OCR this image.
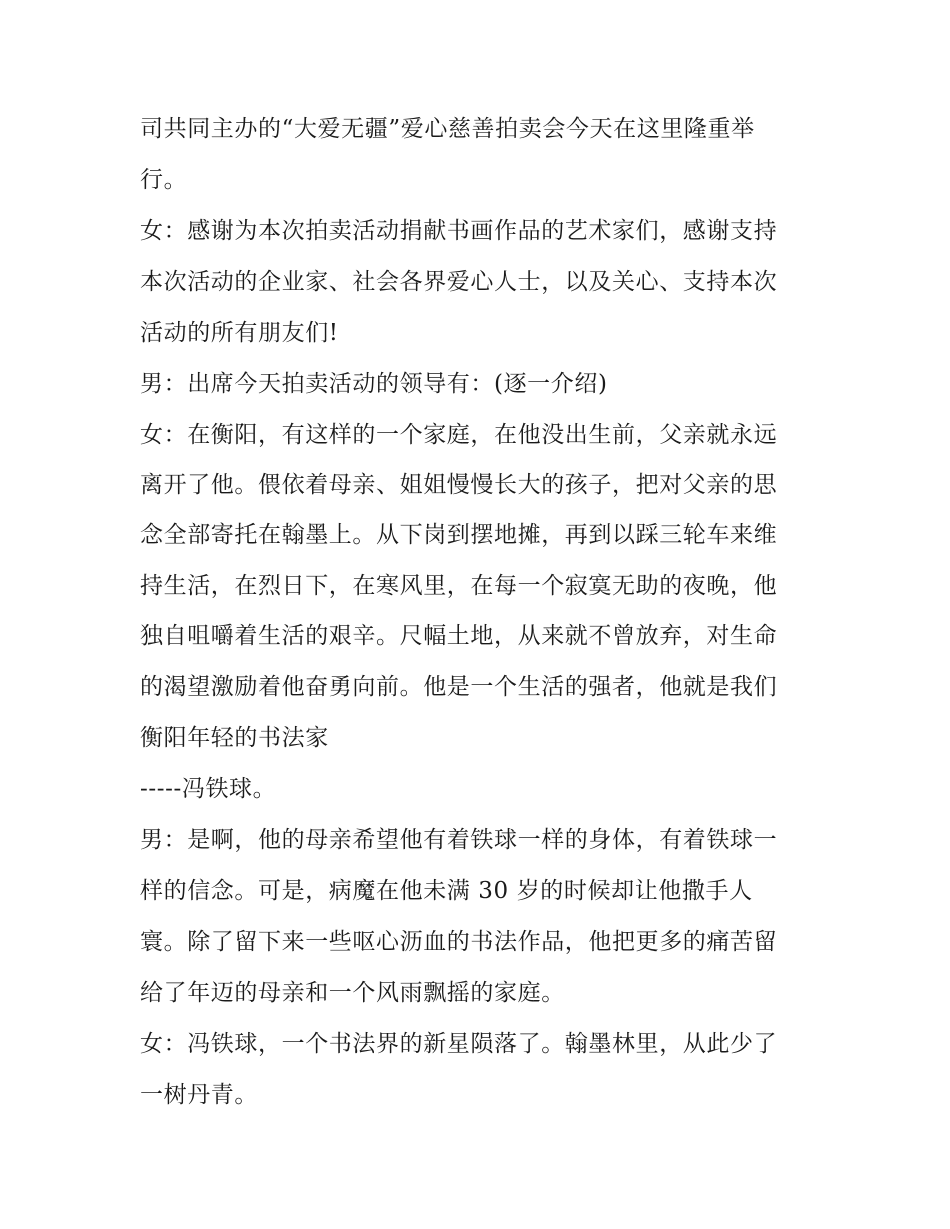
司共同主办的“大爱无疆”爱心慈善拍卖会今天在这里隆重举
行。
女：感谢为本次拍卖活动捐献书画作品的艺术家们，感谢支持
本次活动的企业家、社会各界爱心人士，以及关心、支持本次
活动的所有朋友们!
男：出席今天拍卖活动的领导有：(逐一介绍)
女：在衡阳，有这样的一个家庭，在他没出生前，父亲就永远
离开了他。偎依着母亲、姐姐慢慢长大的孩子，把对父亲的思
念全部寄托在翰墨上。从下岗到摆地摊，再到以踩三轮车来维
持生活，在烈日下，在寒风里，在每一个寂寞无助的夜晚，他
独自咀嚼着生活的艰辛。尺幅土地，从来就不曾放弃，对生命
的渴望激励着他奋勇向前。他是一个生活的强者，他就是我们
衡阳年轻的书法家
-----冯铁球。
男：是啊，他的母亲希望他有着铁球一样的身体，有着铁球一
样的信念。可是，病魔在他未满 30 岁的时候却让他撒手人
寰。除了留下来一些呕心沥血的书法作品，他把更多的痛苦留
给了年迈的母亲和一个风雨飘摇的家庭。
女：冯铁球，一个书法界的新星陨落了。翰墨林里，从此少了
一树丹青。
